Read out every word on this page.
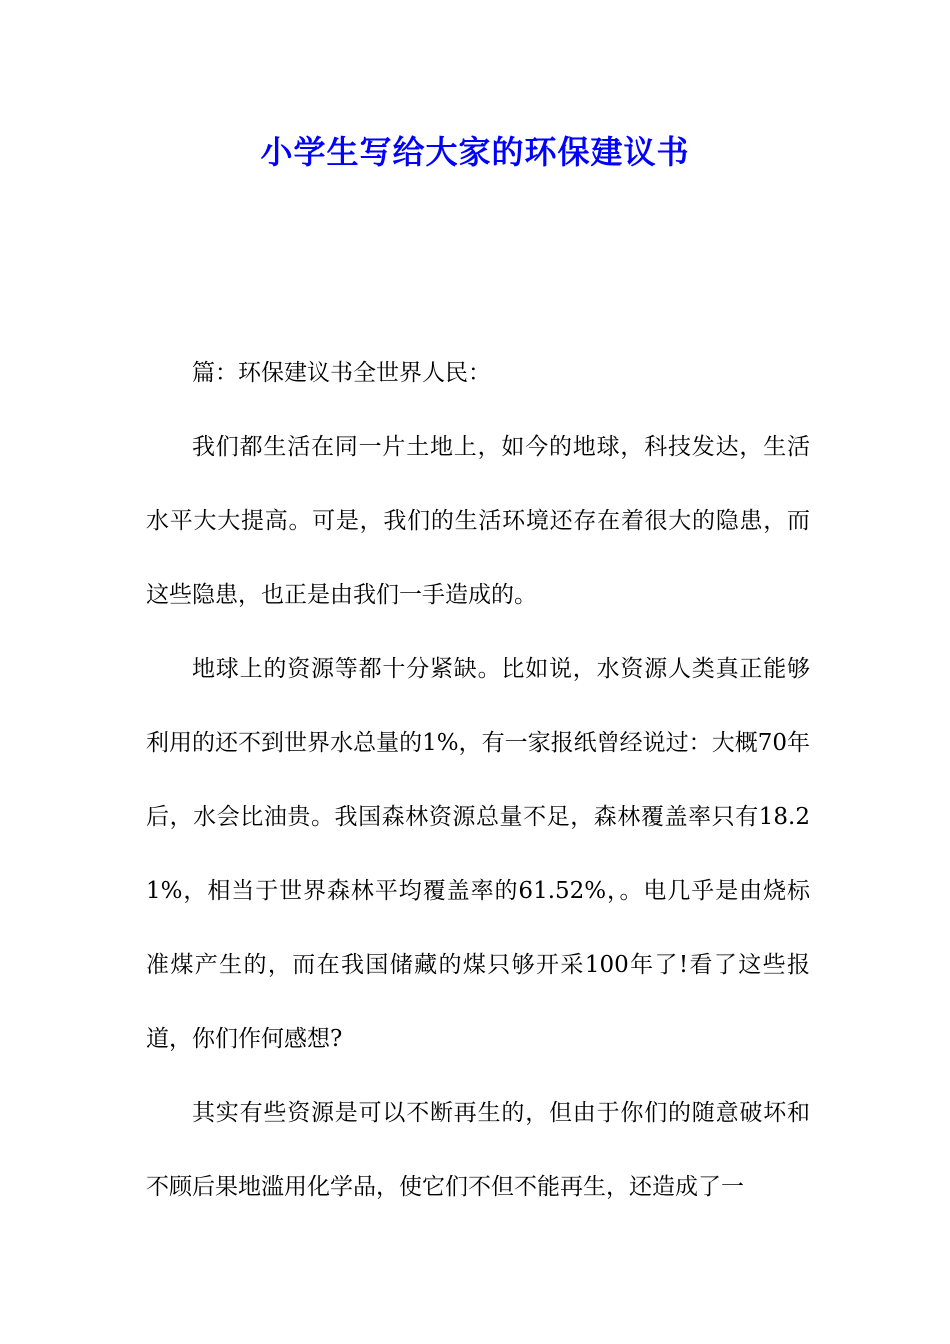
小学生写给大家的环保建议书

篇：环保建议书全世界人民：

我们都生活在同一片土地上，如今的地球，科技发达，生活水平大大提高。可是，我们的生活环境还存在着很大的隐患，而这些隐患，也正是由我们一手造成的。

地球上的资源等都十分紧缺。比如说，水资源人类真正能够利用的还不到世界水总量的1%，有一家报纸曾经说过：大概70年后，水会比油贵。我国森林资源总量不足，森林覆盖率只有18.21%，相当于世界森林平均覆盖率的61.52%，。电几乎是由烧标准煤产生的，而在我国储藏的煤只够开采100年了!看了这些报道，你们作何感想?

其实有些资源是可以不断再生的，但由于你们的随意破坏和不顾后果地滥用化学品，使它们不但不能再生，还造成了一
